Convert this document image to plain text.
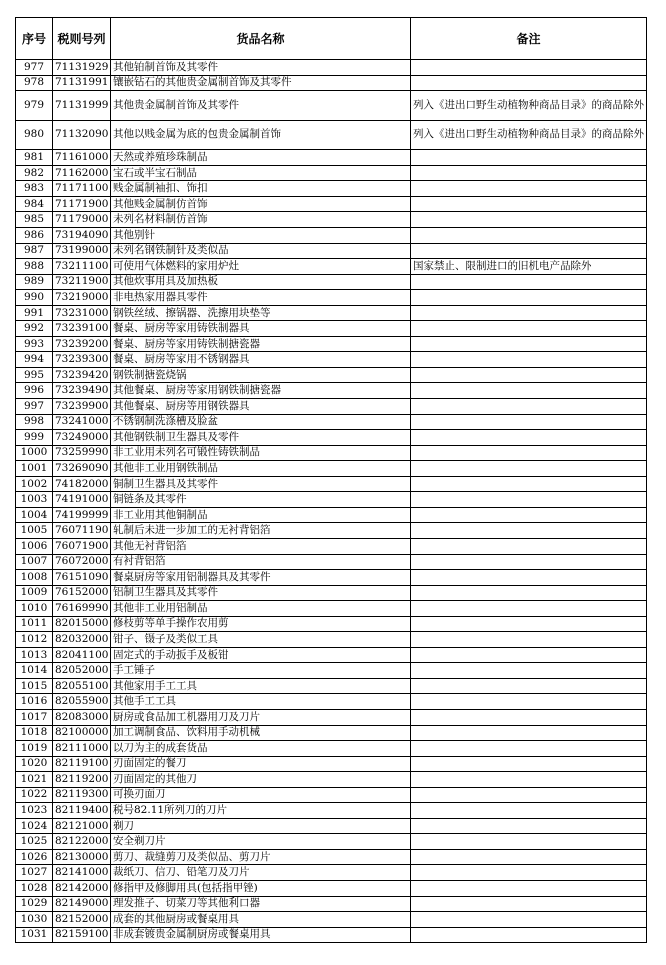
序号	税则号列	货品名称	备注
977	71131929	其他铂制首饰及其零件	
978	71131991	镶嵌钻石的其他贵金属制首饰及其零件	
979	71131999	其他贵金属制首饰及其零件	列入《进出口野生动植物种商品目录》的商品除外
980	71132090	其他以贱金属为底的包贵金属制首饰	列入《进出口野生动植物种商品目录》的商品除外
981	71161000	天然或养殖珍珠制品	
982	71162000	宝石或半宝石制品	
983	71171100	贱金属制袖扣、饰扣	
984	71171900	其他贱金属制仿首饰	
985	71179000	未列名材料制仿首饰	
986	73194090	其他别针	
987	73199000	未列名钢铁制针及类似品	
988	73211100	可使用气体燃料的家用炉灶	国家禁止、限制进口的旧机电产品除外
989	73211900	其他炊事用具及加热板	
990	73219000	非电热家用器具零件	
991	73231000	钢铁丝绒、擦锅器、洗擦用块垫等	
992	73239100	餐桌、厨房等家用铸铁制器具	
993	73239200	餐桌、厨房等家用铸铁制搪瓷器	
994	73239300	餐桌、厨房等家用不锈钢器具	
995	73239420	钢铁制搪瓷烧锅	
996	73239490	其他餐桌、厨房等家用钢铁制搪瓷器	
997	73239900	其他餐桌、厨房等用钢铁器具	
998	73241000	不锈钢制洗涤槽及脸盆	
999	73249000	其他钢铁制卫生器具及零件	
1000	73259990	非工业用未列名可锻性铸铁制品	
1001	73269090	其他非工业用钢铁制品	
1002	74182000	铜制卫生器具及其零件	
1003	74191000	铜链条及其零件	
1004	74199999	非工业用其他铜制品	
1005	76071190	轧制后未进一步加工的无衬背铝箔	
1006	76071900	其他无衬背铝箔	
1007	76072000	有衬背铝箔	
1008	76151090	餐桌厨房等家用铝制器具及其零件	
1009	76152000	铝制卫生器具及其零件	
1010	76169990	其他非工业用铝制品	
1011	82015000	修枝剪等单手操作农用剪	
1012	82032000	钳子、镊子及类似工具	
1013	82041100	固定式的手动扳手及板钳	
1014	82052000	手工锤子	
1015	82055100	其他家用手工工具	
1016	82055900	其他手工工具	
1017	82083000	厨房或食品加工机器用刀及刀片	
1018	82100000	加工调制食品、饮料用手动机械	
1019	82111000	以刀为主的成套货品	
1020	82119100	刃面固定的餐刀	
1021	82119200	刃面固定的其他刀	
1022	82119300	可换刃面刀	
1023	82119400	税号82.11所列刀的刀片	
1024	82121000	剃刀	
1025	82122000	安全剃刀片	
1026	82130000	剪刀、裁缝剪刀及类似品、剪刀片	
1027	82141000	裁纸刀、信刀、铅笔刀及刀片	
1028	82142000	修指甲及修脚用具(包括指甲锉)	
1029	82149000	理发推子、切菜刀等其他利口器	
1030	82152000	成套的其他厨房或餐桌用具	
1031	82159100	非成套镀贵金属制厨房或餐桌用具	
